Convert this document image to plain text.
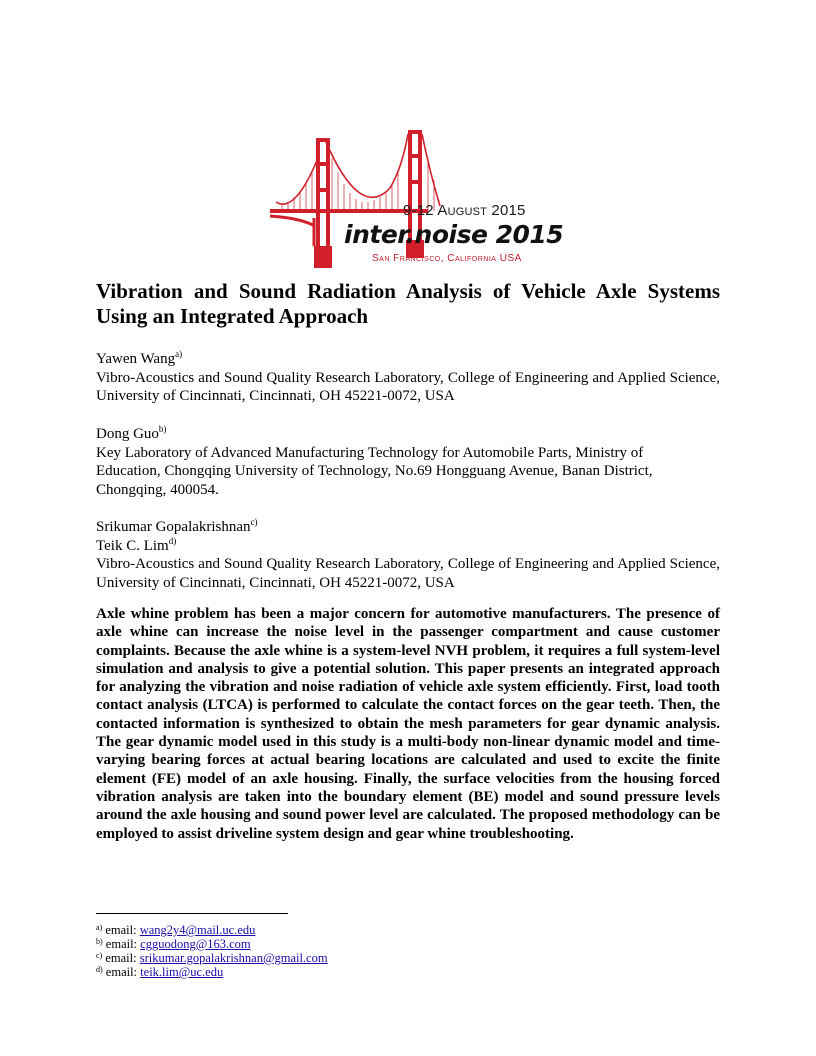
9-12 August 2015
inter.noise 2015
San Francisco, California USA
Vibration and Sound Radiation Analysis of Vehicle Axle Systems Using an Integrated Approach

Yawen Wang$^{a)}$

Vibro-Acoustics and Sound Quality Research Laboratory, College of Engineering and Applied Science, University of Cincinnati, Cincinnati, OH 45221-0072, USA

Dong Guo$^{b)}$

Key Laboratory of Advanced Manufacturing Technology for Automobile Parts, Ministry of

Education, Chongqing University of Technology, No.69 Hongguang Avenue, Banan District,

Chongqing, 400054.

Srikumar Gopalakrishnan$^{c)}$

Teik C. Lim$^{d)}$

Vibro-Acoustics and Sound Quality Research Laboratory, College of Engineering and Applied Science, University of Cincinnati, Cincinnati, OH 45221-0072, USA

Axle whine problem has been a major concern for automotive manufacturers. The presence of axle whine can increase the noise level in the passenger compartment and cause customer complaints. Because the axle whine is a system-level NVH problem, it requires a full system-level simulation and analysis to give a potential solution. This paper presents an integrated approach for analyzing the vibration and noise radiation of vehicle axle system efficiently. First, load tooth contact analysis (LTCA) is performed to calculate the contact forces on the gear teeth. Then, the contacted information is synthesized to obtain the mesh parameters for gear dynamic analysis. The gear dynamic model used in this study is a multi-body non-linear dynamic model and time-varying bearing forces at actual bearing locations are calculated and used to excite the finite element (FE) model of an axle housing. Finally, the surface velocities from the housing forced vibration analysis are taken into the boundary element (BE) model and sound pressure levels around the axle housing and sound power level are calculated. The proposed methodology can be employed to assist driveline system design and gear whine troubleshooting.

$^{a)}$ email: wang2y4@mail.uc.edu
$^{b)}$ email: cgguodong@163.com
$^{c)}$ email: srikumar.gopalakrishnan@gmail.com
$^{d)}$ email: teik.lim@uc.edu
